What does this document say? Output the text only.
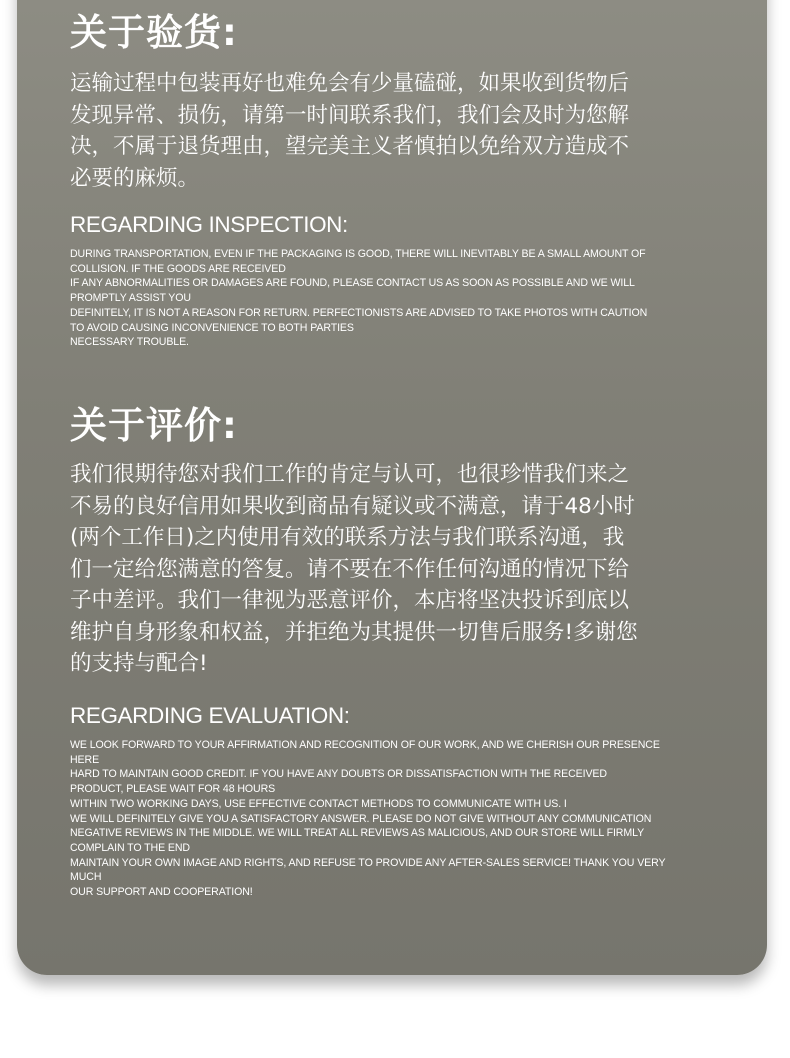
关于验货:
运输过程中包装再好也难免会有少量磕碰，如果收到货物后
发现异常、损伤，请第一时间联系我们，我们会及时为您解
决，不属于退货理由，望完美主义者慎拍以免给双方造成不
必要的麻烦。
REGARDING INSPECTION:
DURING TRANSPORTATION, EVEN IF THE PACKAGING IS GOOD, THERE WILL INEVITABLY BE A SMALL AMOUNT OF
COLLISION. IF THE GOODS ARE RECEIVED
IF ANY ABNORMALITIES OR DAMAGES ARE FOUND, PLEASE CONTACT US AS SOON AS POSSIBLE AND WE WILL
PROMPTLY ASSIST YOU
DEFINITELY, IT IS NOT A REASON FOR RETURN. PERFECTIONISTS ARE ADVISED TO TAKE PHOTOS WITH CAUTION
TO AVOID CAUSING INCONVENIENCE TO BOTH PARTIES
NECESSARY TROUBLE.
关于评价:
我们很期待您对我们工作的肯定与认可，也很珍惜我们来之
不易的良好信用如果收到商品有疑议或不满意，请于48小时
(两个工作日)之内使用有效的联系方法与我们联系沟通，我
们一定给您满意的答复。请不要在不作任何沟通的情况下给
子中差评。我们一律视为恶意评价，本店将坚决投诉到底以
维护自身形象和权益，并拒绝为其提供一切售后服务!多谢您
的支持与配合!
REGARDING EVALUATION:
WE LOOK FORWARD TO YOUR AFFIRMATION AND RECOGNITION OF OUR WORK, AND WE CHERISH OUR PRESENCE
HERE
HARD TO MAINTAIN GOOD CREDIT. IF YOU HAVE ANY DOUBTS OR DISSATISFACTION WITH THE RECEIVED
PRODUCT, PLEASE WAIT FOR 48 HOURS
WITHIN TWO WORKING DAYS, USE EFFECTIVE CONTACT METHODS TO COMMUNICATE WITH US. I
WE WILL DEFINITELY GIVE YOU A SATISFACTORY ANSWER. PLEASE DO NOT GIVE WITHOUT ANY COMMUNICATION
NEGATIVE REVIEWS IN THE MIDDLE. WE WILL TREAT ALL REVIEWS AS MALICIOUS, AND OUR STORE WILL FIRMLY
COMPLAIN TO THE END
MAINTAIN YOUR OWN IMAGE AND RIGHTS, AND REFUSE TO PROVIDE ANY AFTER-SALES SERVICE! THANK YOU VERY
MUCH
OUR SUPPORT AND COOPERATION!
